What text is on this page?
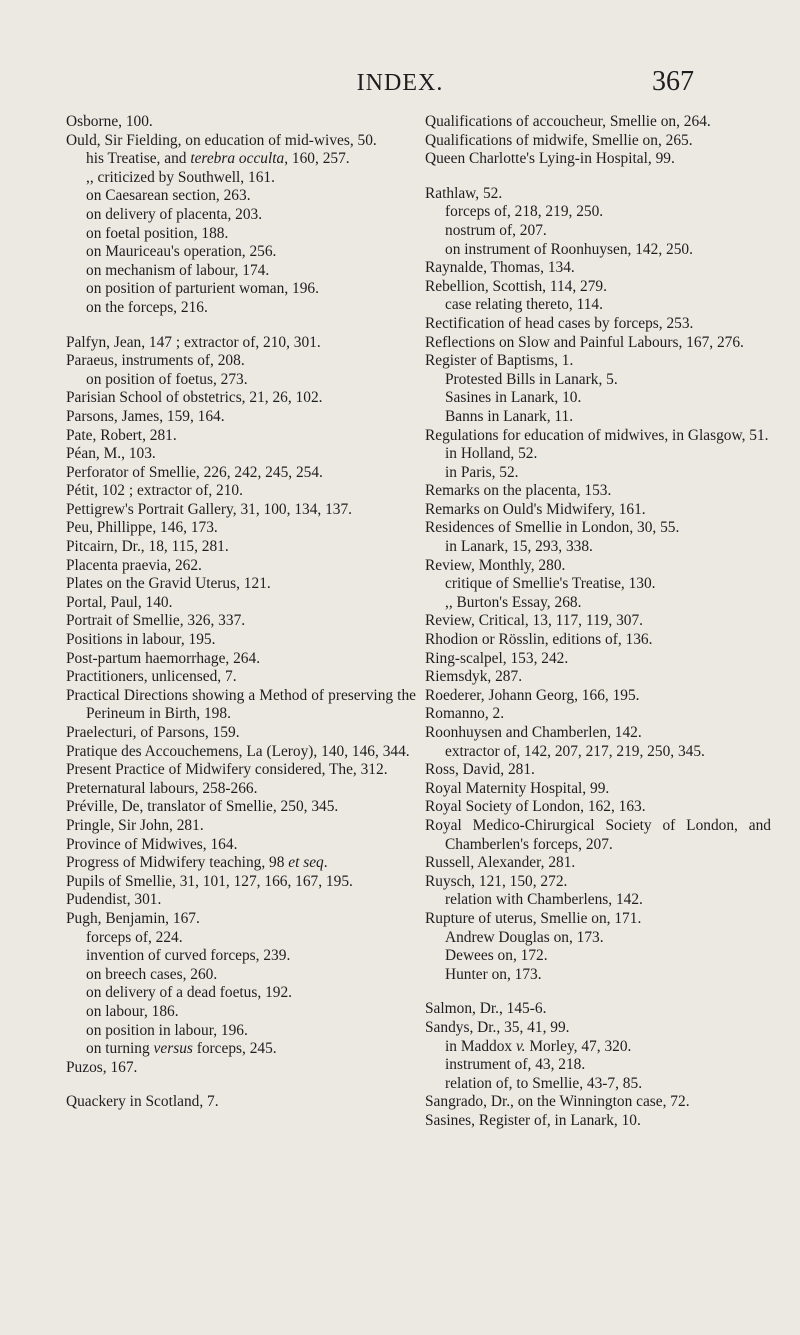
INDEX.	367

Osborne, 100.

Ould, Sir Fielding, on education of mid-wives, 50.

his Treatise, and terebra occulta, 160, 257.

,, criticized by Southwell, 161.

on Caesarean section, 263.

on delivery of placenta, 203.

on foetal position, 188.

on Mauriceau's operation, 256.

on mechanism of labour, 174.

on position of parturient woman, 196.

on the forceps, 216.

Palfyn, Jean, 147 ; extractor of, 210, 301.

Paraeus, instruments of, 208.

on position of foetus, 273.

Parisian School of obstetrics, 21, 26, 102.

Parsons, James, 159, 164.

Pate, Robert, 281.

Péan, M., 103.

Perforator of Smellie, 226, 242, 245, 254.

Pétit, 102 ; extractor of, 210.

Pettigrew's Portrait Gallery, 31, 100, 134, 137.

Peu, Phillippe, 146, 173.

Pitcairn, Dr., 18, 115, 281.

Placenta praevia, 262.

Plates on the Gravid Uterus, 121.

Portal, Paul, 140.

Portrait of Smellie, 326, 337.

Positions in labour, 195.

Post-partum haemorrhage, 264.

Practitioners, unlicensed, 7.

Practical Directions showing a Method of preserving the Perineum in Birth, 198.

Praelecturi, of Parsons, 159.

Pratique des Accouchemens, La (Leroy), 140, 146, 344.

Present Practice of Midwifery considered, The, 312.

Preternatural labours, 258-266.

Préville, De, translator of Smellie, 250, 345.

Pringle, Sir John, 281.

Province of Midwives, 164.

Progress of Midwifery teaching, 98 et seq.

Pupils of Smellie, 31, 101, 127, 166, 167, 195.

Pudendist, 301.

Pugh, Benjamin, 167.

forceps of, 224.

invention of curved forceps, 239.

on breech cases, 260.

on delivery of a dead foetus, 192.

on labour, 186.

on position in labour, 196.

on turning versus forceps, 245.

Puzos, 167.

Quackery in Scotland, 7.

Qualifications of accoucheur, Smellie on, 264.

Qualifications of midwife, Smellie on, 265.

Queen Charlotte's Lying-in Hospital, 99.

Rathlaw, 52.

forceps of, 218, 219, 250.

nostrum of, 207.

on instrument of Roonhuysen, 142, 250.

Raynalde, Thomas, 134.

Rebellion, Scottish, 114, 279.

case relating thereto, 114.

Rectification of head cases by forceps, 253.

Reflections on Slow and Painful Labours, 167, 276.

Register of Baptisms, 1.

Protested Bills in Lanark, 5.

Sasines in Lanark, 10.

Banns in Lanark, 11.

Regulations for education of midwives, in Glasgow, 51.

in Holland, 52.

in Paris, 52.

Remarks on the placenta, 153.

Remarks on Ould's Midwifery, 161.

Residences of Smellie in London, 30, 55.

in Lanark, 15, 293, 338.

Review, Monthly, 280.

critique of Smellie's Treatise, 130.

,, Burton's Essay, 268.

Review, Critical, 13, 117, 119, 307.

Rhodion or Rösslin, editions of, 136.

Ring-scalpel, 153, 242.

Riemsdyk, 287.

Roederer, Johann Georg, 166, 195.

Romanno, 2.

Roonhuysen and Chamberlen, 142.

extractor of, 142, 207, 217, 219, 250, 345.

Ross, David, 281.

Royal Maternity Hospital, 99.

Royal Society of London, 162, 163.

Royal Medico-Chirurgical Society of London, and Chamberlen's forceps, 207.

Russell, Alexander, 281.

Ruysch, 121, 150, 272.

relation with Chamberlens, 142.

Rupture of uterus, Smellie on, 171.

Andrew Douglas on, 173.

Dewees on, 172.

Hunter on, 173.

Salmon, Dr., 145-6.

Sandys, Dr., 35, 41, 99.

in Maddox v. Morley, 47, 320.

instrument of, 43, 218.

relation of, to Smellie, 43-7, 85.

Sangrado, Dr., on the Winnington case, 72.

Sasines, Register of, in Lanark, 10.
